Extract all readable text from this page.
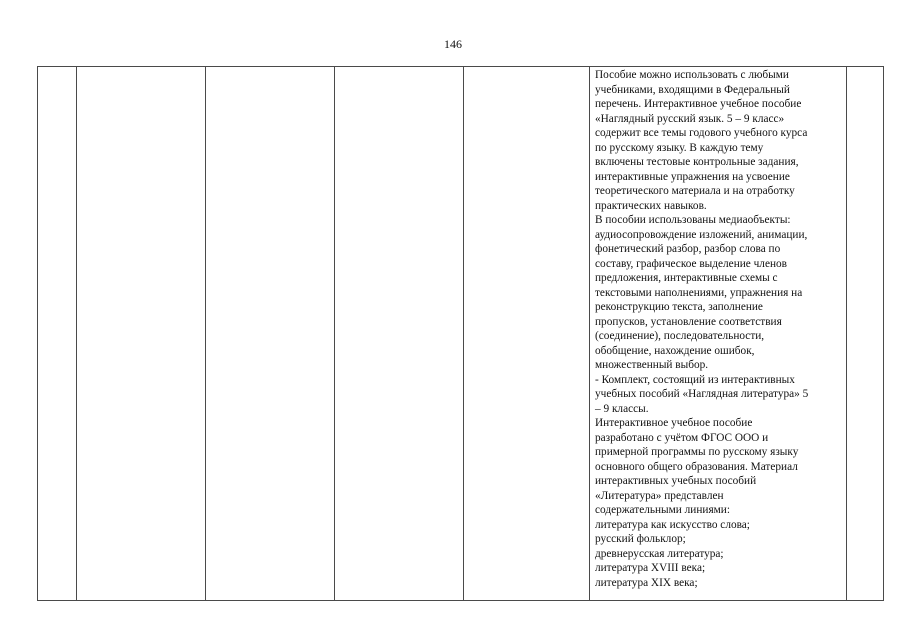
146

Пособие можно использовать с любыми
учебниками, входящими в Федеральный
перечень. Интерактивное учебное пособие
«Наглядный русский язык. 5 – 9 класс»
содержит все темы годового учебного курса
по русскому языку. В каждую тему
включены тестовые контрольные задания,
интерактивные упражнения на усвоение
теоретического материала и на отработку
практических навыков.
В пособии использованы медиаобъекты:
аудиосопровождение изложений, анимации,
фонетический разбор, разбор слова по
составу, графическое выделение членов
предложения, интерактивные схемы с
текстовыми наполнениями, упражнения на
реконструкцию текста, заполнение
пропусков, установление соответствия
(соединение), последовательности,
обобщение, нахождение ошибок,
множественный выбор.
- Комплект, состоящий из интерактивных
учебных пособий «Наглядная литература» 5
– 9 классы.
Интерактивное учебное пособие
разработано с учётом ФГОС ООО и
примерной программы по русскому языку
основного общего образования. Материал
интерактивных учебных пособий
«Литература» представлен
содержательными линиями:
литература как искусство слова;
русский фольклор;
древнерусская литература;
литература XVIII века;
литература XIX века;
